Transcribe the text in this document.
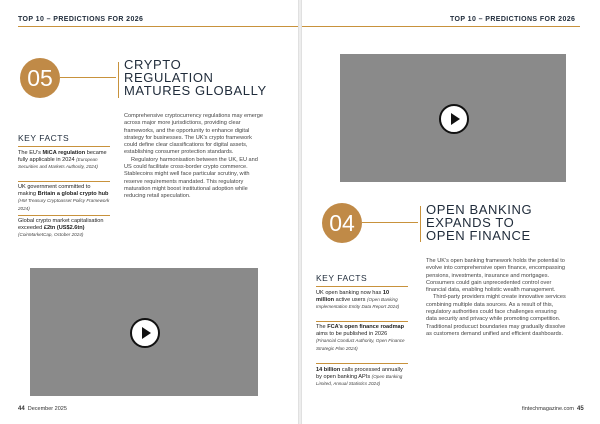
TOP 10 – PREDICTIONS FOR 2026
05
CRYPTO
REGULATION
MATURES GLOBALLY
KEY FACTS
The EU’s MiCA regulation became fully applicable in 2024 (European Securities and Markets Authority, 2024)
UK government committed to making Britain a global crypto hub (HM Treasury Cryptoasset Policy Framework 2024)
Global crypto market capitalisation exceeded £2tn (US$2.6tn) (CoinMarketCap, October 2024)

Comprehensive cryptocurrency regulations may emerge across major more jurisdictions, providing clear frameworks, and the opportunity to enhance digital strategy for businesses. The UK’s crypto framework could define clear classifications for digital assets, establishing consumer protection standards.

Regulatory harmonisation between the UK, EU and US could facilitate cross-border crypto commerce. Stablecoins might well face particular scrutiny, with reserve requirements mandated. This regulatory maturation might boost institutional adoption while reducing retail speculation.

44 December 2025
TOP 10 – PREDICTIONS FOR 2026
04
OPEN BANKING
EXPANDS TO
OPEN FINANCE
KEY FACTS
UK open banking now has 10 million active users (Open Banking Implementation Entity Data Report 2024)
The FCA’s open finance roadmap aims to be published in 2026 (Financial Conduct Authority, Open Finance Strategic Plan 2024)
14 billion calls processed annually by open banking APIs (Open Banking Limited, Annual Statistics 2024)

The UK’s open banking framework holds the potential to evolve into comprehensive open finance, encompassing pensions, investments, insurance and mortgages. Consumers could gain unprecedented control over financial data, enabling holistic wealth management.

Third-party providers might create innovative services combining multiple data sources. As a result of this, regulatory authorities could face challenges ensuring data security and privacy while promoting competition. Traditional producuct boundaries may gradually dissolve as customers demand unified and efficient dashboards.

fintechmagazine.com 45
